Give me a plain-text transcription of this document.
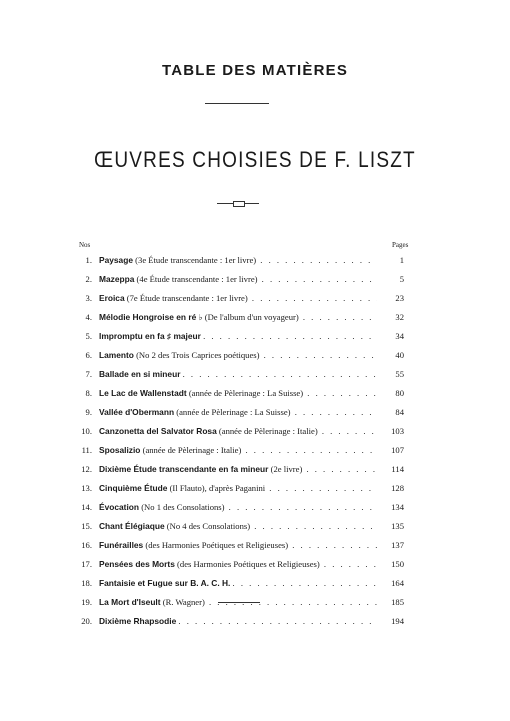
TABLE DES MATIÈRES
ŒUVRES CHOISIES DE F. LISZT
Nos	Pages
1. Paysage (3e Étude transcendante : 1er livre) . . .	1
2. Mazeppa (4e Étude transcendante : 1er livre) . . .	5
3. Eroica (7e Étude transcendante : 1er livre) . . .	23
4. Mélodie Hongroise en ré ♭ (De l'album d'un voyageur) . . .	32
5. Impromptu en fa ♯ majeur . . .	34
6. Lamento (No 2 des Trois Caprices poétiques) . . .	40
7. Ballade en si mineur . . .	55
8. Le Lac de Wallenstadt (année de Pèlerinage : La Suisse) . . .	80
9. Vallée d'Obermann (année de Pèlerinage : La Suisse) . . .	84
10. Canzonetta del Salvator Rosa (année de Pèlerinage : Italie) . . .	103
11. Sposalizio (année de Pèlerinage : Italie) . . .	107
12. Dixième Étude transcendante en fa mineur (2e livre) . . .	114
13. Cinquième Étude (Il Flauto), d'après Paganini . . .	128
14. Évocation (No 1 des Consolations) . . .	134
15. Chant Élégiaque (No 4 des Consolations) . . .	135
16. Funérailles (des Harmonies Poétiques et Religieuses) . . .	137
17. Pensées des Morts (des Harmonies Poétiques et Religieuses) . . .	150
18. Fantaisie et Fugue sur B. A. C. H. . . .	164
19. La Mort d'Iseult (R. Wagner) . . .	185
20. Dixième Rhapsodie . . .	194
